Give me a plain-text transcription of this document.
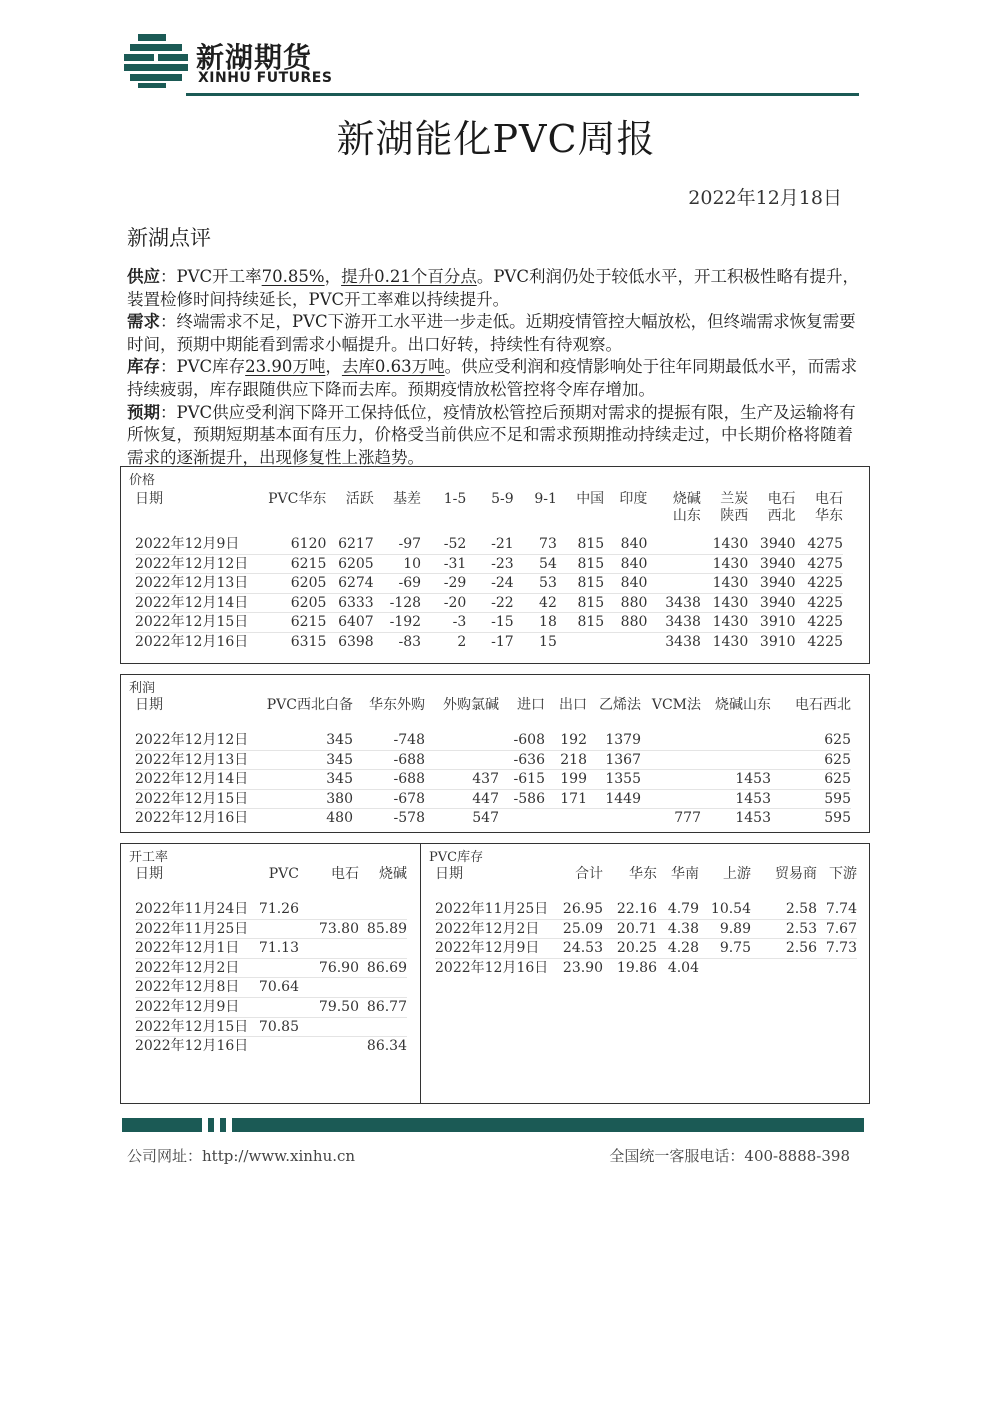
新湖期货
XINHU FUTURES
新湖能化PVC周报
2022年12月18日
新湖点评

供应：PVC开工率70.85%，提升0.21个百分点。PVC利润仍处于较低水平，开工积极性略有提升，装置检修时间持续延长，PVC开工率难以持续提升。

需求：终端需求不足，PVC下游开工水平进一步走低。近期疫情管控大幅放松，但终端需求恢复需要时间，预期中期能看到需求小幅提升。出口好转，持续性有待观察。

库存：PVC库存23.90万吨，去库0.63万吨。供应受利润和疫情影响处于往年同期最低水平，而需求持续疲弱，库存跟随供应下降而去库。预期疫情放松管控将令库存增加。

预期：PVC供应受利润下降开工保持低位，疫情放松管控后预期对需求的提振有限，生产及运输将有所恢复，预期短期基本面有压力，价格受当前供应不足和需求预期推动持续走过，中长期价格将随着需求的逐渐提升，出现修复性上涨趋势。

价格
日期	PVC华东	活跃	基差	1-5	5-9	9-1	中国	印度	烧碱
山东	兰炭
陕西	电石
西北	电石
华东
2022年12月9日	6120	6217	-97	-52	-21	73	815	840		1430	3940	4275
2022年12月12日	6215	6205	10	-31	-23	54	815	840		1430	3940	4275
2022年12月13日	6205	6274	-69	-29	-24	53	815	840		1430	3940	4225
2022年12月14日	6205	6333	-128	-20	-22	42	815	880	3438	1430	3940	4225
2022年12月15日	6215	6407	-192	-3	-15	18	815	880	3438	1430	3910	4225
2022年12月16日	6315	6398	-83	2	-17	15			3438	1430	3910	4225
利润
日期	PVC西北白备	华东外购	外购氯碱	进口	出口	乙烯法	VCM法	烧碱山东	电石西北
2022年12月12日	345	-748		-608	192	1379			625
2022年12月13日	345	-688		-636	218	1367			625
2022年12月14日	345	-688	437	-615	199	1355		1453	625
2022年12月15日	380	-678	447	-586	171	1449		1453	595
2022年12月16日	480	-578	547				777	1453	595
开工率
日期	PVC	电石	烧碱
2022年11月24日	71.26		
2022年11月25日		73.80	85.89
2022年12月1日	71.13		
2022年12月2日		76.90	86.69
2022年12月8日	70.64		
2022年12月9日		79.50	86.77
2022年12月15日	70.85		
2022年12月16日			86.34
PVC库存
日期	合计	华东	华南	上游	贸易商	下游
2022年11月25日	26.95	22.16	4.79	10.54	2.58	7.74
2022年12月2日	25.09	20.71	4.38	9.89	2.53	7.67
2022年12月9日	24.53	20.25	4.28	9.75	2.56	7.73
2022年12月16日	23.90	19.86	4.04			
公司网址：http://www.xinhu.cn	全国统一客服电话：400-8888-398
